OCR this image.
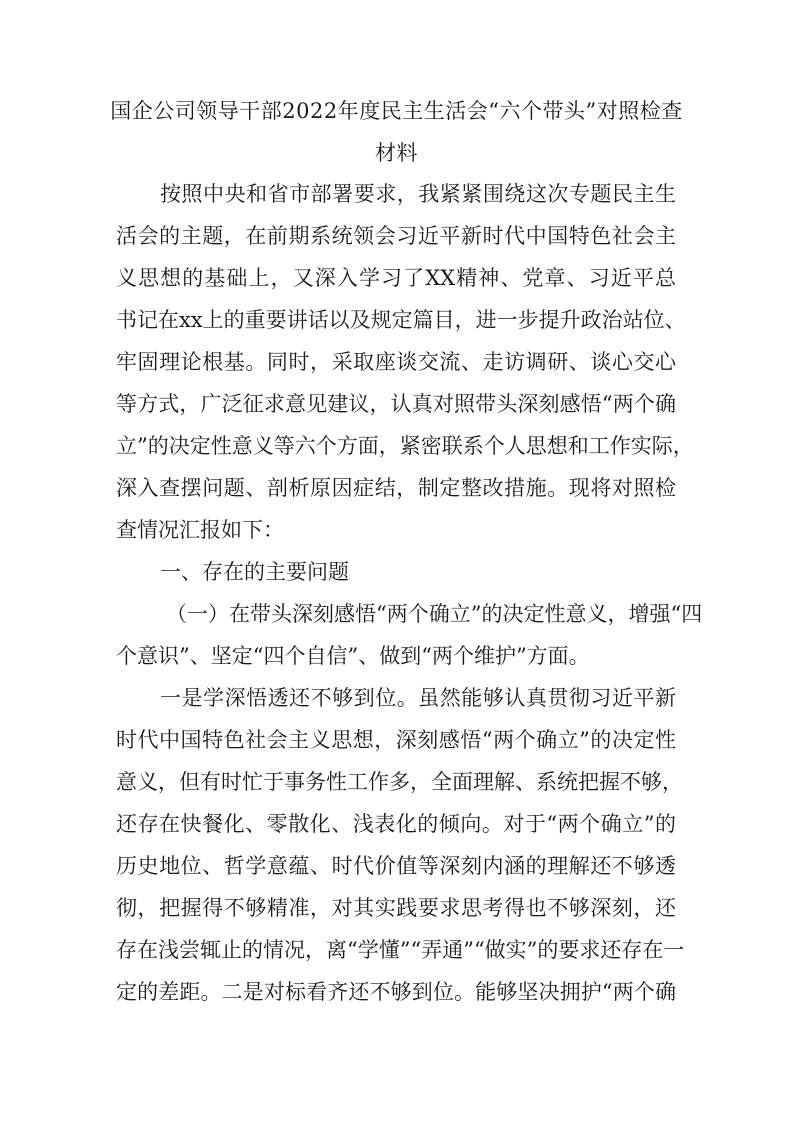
国企公司领导干部2022年度民主生活会“六个带头”对照检查
材料
按照中央和省市部署要求，我紧紧围绕这次专题民主生
活会的主题，在前期系统领会习近平新时代中国特色社会主
义思想的基础上，又深入学习了XX精神、党章、习近平总
书记在xx上的重要讲话以及规定篇目，进一步提升政治站位、
牢固理论根基。同时，采取座谈交流、走访调研、谈心交心
等方式，广泛征求意见建议，认真对照带头深刻感悟“两个确
立”的决定性意义等六个方面，紧密联系个人思想和工作实际，
深入查摆问题、剖析原因症结，制定整改措施。现将对照检
查情况汇报如下：
一、存在的主要问题
（一）在带头深刻感悟“两个确立”的决定性意义，增强“四
个意识”、坚定“四个自信”、做到“两个维护”方面。
一是学深悟透还不够到位。虽然能够认真贯彻习近平新
时代中国特色社会主义思想，深刻感悟“两个确立”的决定性
意义，但有时忙于事务性工作多，全面理解、系统把握不够，
还存在快餐化、零散化、浅表化的倾向。对于“两个确立”的
历史地位、哲学意蕴、时代价值等深刻内涵的理解还不够透
彻，把握得不够精准，对其实践要求思考得也不够深刻，还
存在浅尝辄止的情况，离“学懂”“弄通”“做实”的要求还存在一
定的差距。二是对标看齐还不够到位。能够坚决拥护“两个确
